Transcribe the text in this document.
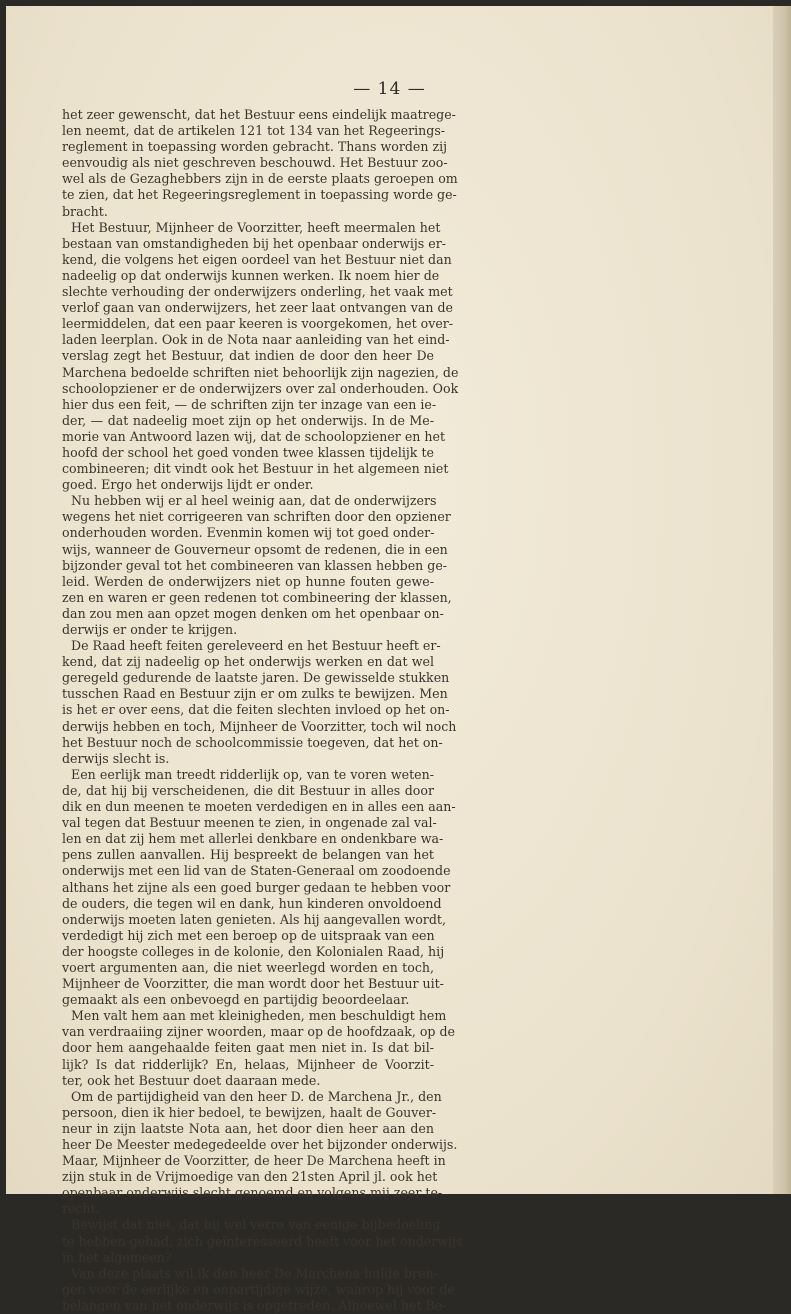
— 14 —
het zeer gewenscht, dat het Bestuur eens eindelijk maatrege-
len neemt, dat de artikelen 121 tot 134 van het Regeerings-
reglement in toepassing worden gebracht. Thans worden zij
eenvoudig als niet geschreven beschouwd. Het Bestuur zoo-
wel als de Gezaghebbers zijn in de eerste plaats geroepen om
te zien, dat het Regeeringsreglement in toepassing worde ge-
bracht.
Het Bestuur, Mijnheer de Voorzitter, heeft meermalen het
bestaan van omstandigheden bij het openbaar onderwijs er-
kend, die volgens het eigen oordeel van het Bestuur niet dan
nadeelig op dat onderwijs kunnen werken. Ik noem hier de
slechte verhouding der onderwijzers onderling, het vaak met
verlof gaan van onderwijzers, het zeer laat ontvangen van de
leermiddelen, dat een paar keeren is voorgekomen, het over-
laden leerplan. Ook in de Nota naar aanleiding van het eind-
verslag zegt het Bestuur, dat indien de door den heer De
Marchena bedoelde schriften niet behoorlijk zijn nagezien, de
schoolopziener er de onderwijzers over zal onderhouden. Ook
hier dus een feit, — de schriften zijn ter inzage van een ie-
der, — dat nadeelig moet zijn op het onderwijs. In de Me-
morie van Antwoord lazen wij, dat de schoolopziener en het
hoofd der school het goed vonden twee klassen tijdelijk te
combineeren; dit vindt ook het Bestuur in het algemeen niet
goed. Ergo het onderwijs lijdt er onder.
Nu hebben wij er al heel weinig aan, dat de onderwijzers
wegens het niet corrigeeren van schriften door den opziener
onderhouden worden. Evenmin komen wij tot goed onder-
wijs, wanneer de Gouverneur opsomt de redenen, die in een
bijzonder geval tot het combineeren van klassen hebben ge-
leid. Werden de onderwijzers niet op hunne fouten gewe-
zen en waren er geen redenen tot combineering der klassen,
dan zou men aan opzet mogen denken om het openbaar on-
derwijs er onder te krijgen.
De Raad heeft feiten gereleveerd en het Bestuur heeft er-
kend, dat zij nadeelig op het onderwijs werken en dat wel
geregeld gedurende de laatste jaren. De gewisselde stukken
tusschen Raad en Bestuur zijn er om zulks te bewijzen. Men
is het er over eens, dat die feiten slechten invloed op het on-
derwijs hebben en toch, Mijnheer de Voorzitter, toch wil noch
het Bestuur noch de schoolcommissie toegeven, dat het on-
derwijs slecht is.
Een eerlijk man treedt ridderlijk op, van te voren weten-
de, dat hij bij verscheidenen, die dit Bestuur in alles door
dik en dun meenen te moeten verdedigen en in alles een aan-
val tegen dat Bestuur meenen te zien, in ongenade zal val-
len en dat zij hem met allerlei denkbare en ondenkbare wa-
pens zullen aanvallen. Hij bespreekt de belangen van het
onderwijs met een lid van de Staten-Generaal om zoodoende
althans het zijne als een goed burger gedaan te hebben voor
de ouders, die tegen wil en dank, hun kinderen onvoldoend
onderwijs moeten laten genieten. Als hij aangevallen wordt,
verdedigt hij zich met een beroep op de uitspraak van een
der hoogste colleges in de kolonie, den Kolonialen Raad, hij
voert argumenten aan, die niet weerlegd worden en toch,
Mijnheer de Voorzitter, die man wordt door het Bestuur uit-
gemaakt als een onbevoegd en partijdig beoordeelaar.
Men valt hem aan met kleinigheden, men beschuldigt hem
van verdraaiing zijner woorden, maar op de hoofdzaak, op de
door hem aangehaalde feiten gaat men niet in. Is dat bil-
lijk? Is dat ridderlijk? En, helaas, Mijnheer de Voorzit-
ter, ook het Bestuur doet daaraan mede.
Om de partijdigheid van den heer D. de Marchena Jr., den
persoon, dien ik hier bedoel, te bewijzen, haalt de Gouver-
neur in zijn laatste Nota aan, het door dien heer aan den
heer De Meester medegedeelde over het bijzonder onderwijs.
Maar, Mijnheer de Voorzitter, de heer De Marchena heeft in
zijn stuk in de Vrijmoedige van den 21sten April jl. ook het
openbaar onderwijs slecht genoemd en volgens mij zeer te-
recht.
Bewijst dat niet, dat hij wel verre van eenige bijbedoeling
te hebben gehad, zich geïnteresseerd heeft voor het onderwijs
in het algemeen?
Van deze plaats wil ik den heer De Marchena hulde bren-
gen voor de eerlijke en onpartijdige wijze, waarop hij voor de
belangen van het onderwijs is opgetreden. Alhoewel het Be-
